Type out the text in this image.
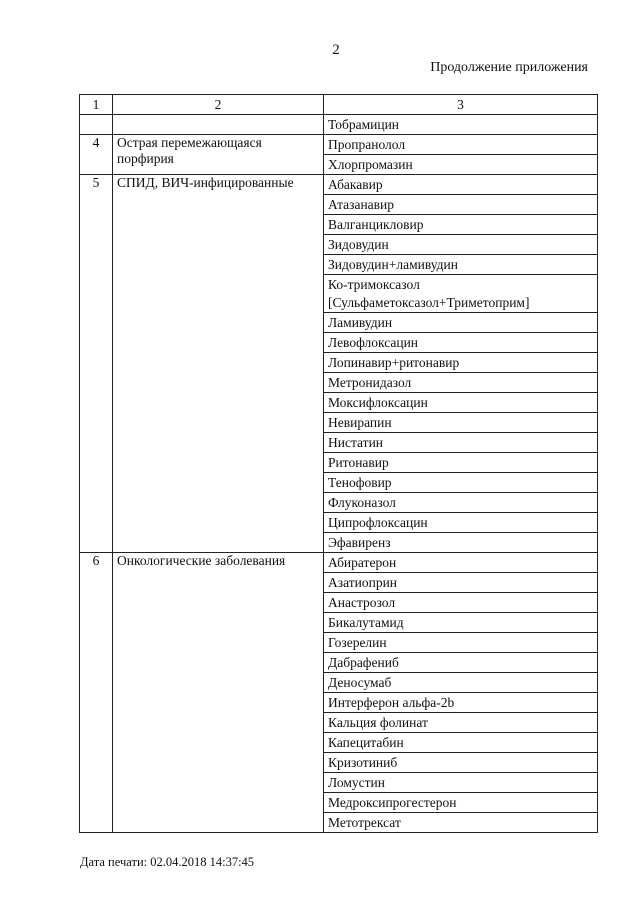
2
Продолжение приложения
1	2	3
		Тобрамицин
4	Острая перемежающаяся порфирия	Пропранолол
		Хлорпромазин
5	СПИД, ВИЧ-инфицированные	Абакавир
		Атазанавир
		Валганцикловир
		Зидовудин
		Зидовудин+ламивудин
		Ко-тримоксазол [Сульфаметоксазол+Триметоприм]
		Ламивудин
		Левофлоксацин
		Лопинавир+ритонавир
		Метронидазол
		Моксифлоксацин
		Невирапин
		Нистатин
		Ритонавир
		Тенофовир
		Флуконазол
		Ципрофлоксацин
		Эфавиренз
6	Онкологические заболевания	Абиратерон
		Азатиоприн
		Анастрозол
		Бикалутамид
		Гозерелин
		Дабрафениб
		Деносумаб
		Интерферон альфа-2b
		Кальция фолинат
		Капецитабин
		Кризотиниб
		Ломустин
		Медроксипрогестерон
		Метотрексат
Дата печати: 02.04.2018 14:37:45
